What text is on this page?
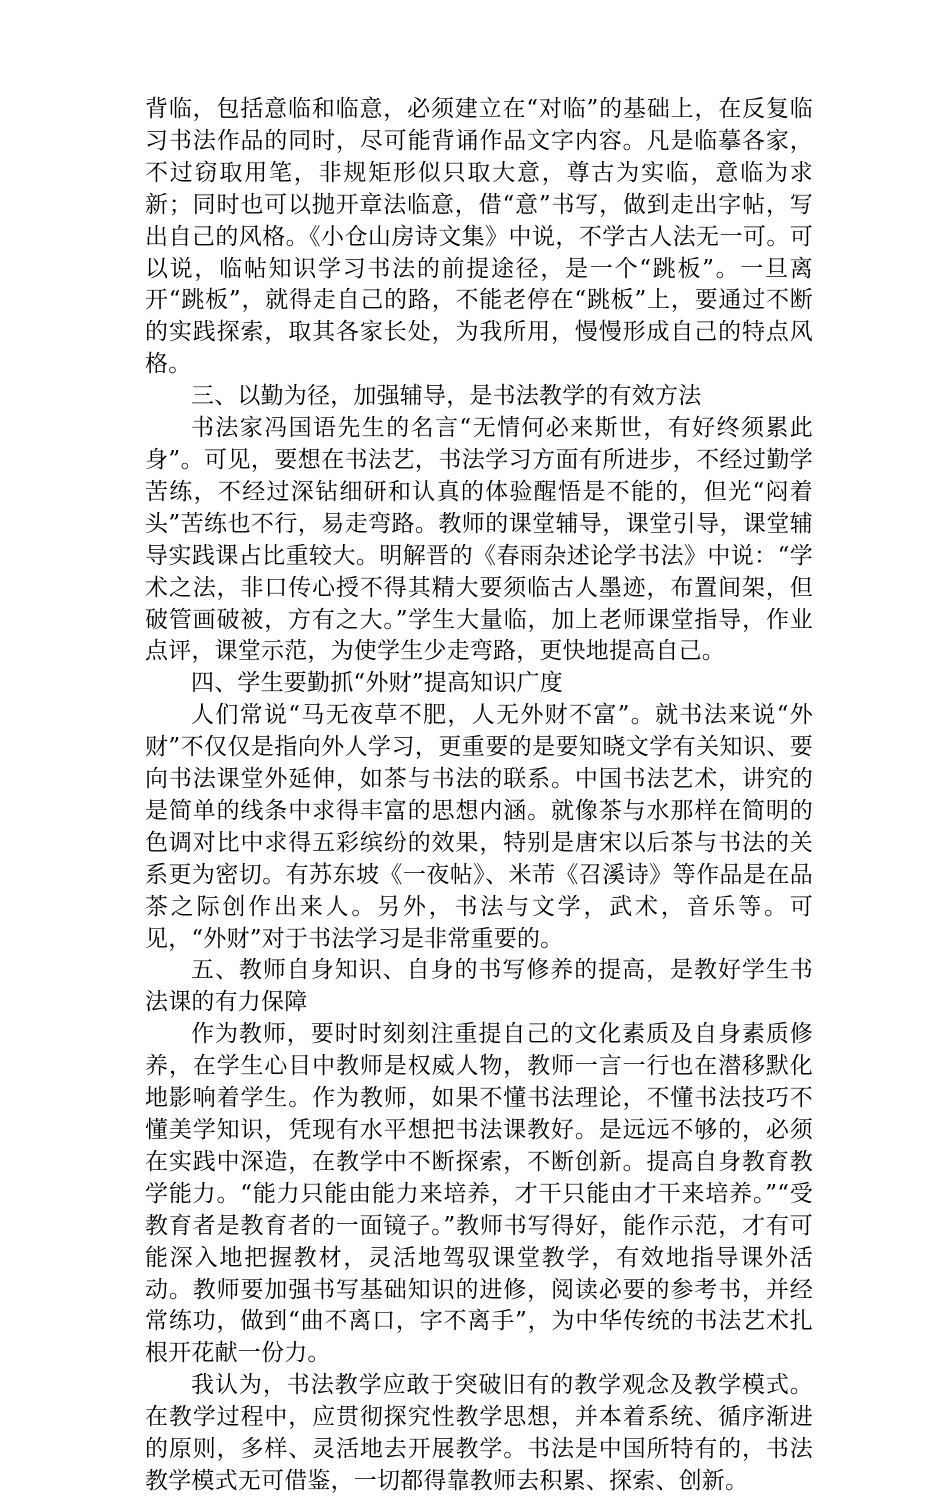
背临，包括意临和临意，必须建立在“对临”的基础上，在反复临习书法作品的同时，尽可能背诵作品文字内容。凡是临摹各家，不过窃取用笔，非规矩形似只取大意，尊古为实临，意临为求新；同时也可以抛开章法临意，借“意”书写，做到走出字帖，写出自己的风格。《小仓山房诗文集》中说，不学古人法无一可。可以说，临帖知识学习书法的前提途径，是一个“跳板”。一旦离开“跳板”，就得走自己的路，不能老停在“跳板”上，要通过不断的实践探索，取其各家长处，为我所用，慢慢形成自己的特点风格。

三、以勤为径，加强辅导，是书法教学的有效方法

书法家冯国语先生的名言“无情何必来斯世，有好终须累此身”。可见，要想在书法艺，书法学习方面有所进步，不经过勤学苦练，不经过深钻细研和认真的体验醒悟是不能的，但光“闷着头”苦练也不行，易走弯路。教师的课堂辅导，课堂引导，课堂辅导实践课占比重较大。明解晋的《春雨杂述论学书法》中说：“学术之法，非口传心授不得其精大要须临古人墨迹，布置间架，但破管画破被，方有之大。”学生大量临，加上老师课堂指导，作业点评，课堂示范，为使学生少走弯路，更快地提高自己。

四、学生要勤抓“外财”提高知识广度

人们常说“马无夜草不肥，人无外财不富”。就书法来说“外财”不仅仅是指向外人学习，更重要的是要知晓文学有关知识、要向书法课堂外延伸，如茶与书法的联系。中国书法艺术，讲究的是简单的线条中求得丰富的思想内涵。就像茶与水那样在简明的色调对比中求得五彩缤纷的效果，特别是唐宋以后茶与书法的关系更为密切。有苏东坡《一夜帖》、米芾《召溪诗》等作品是在品茶之际创作出来人。另外，书法与文学，武术，音乐等。可见，“外财”对于书法学习是非常重要的。

五、教师自身知识、自身的书写修养的提高，是教好学生书法课的有力保障

作为教师，要时时刻刻注重提自己的文化素质及自身素质修养，在学生心目中教师是权威人物，教师一言一行也在潜移默化地影响着学生。作为教师，如果不懂书法理论，不懂书法技巧不懂美学知识，凭现有水平想把书法课教好。是远远不够的，必须在实践中深造，在教学中不断探索，不断创新。提高自身教育教学能力。“能力只能由能力来培养，才干只能由才干来培养。”“受教育者是教育者的一面镜子。”教师书写得好，能作示范，才有可能深入地把握教材，灵活地驾驭课堂教学，有效地指导课外活动。教师要加强书写基础知识的进修，阅读必要的参考书，并经常练功，做到“曲不离口，字不离手”，为中华传统的书法艺术扎根开花献一份力。

我认为，书法教学应敢于突破旧有的教学观念及教学模式。在教学过程中，应贯彻探究性教学思想，并本着系统、循序渐进的原则，多样、灵活地去开展教学。书法是中国所特有的，书法教学模式无可借鉴，一切都得靠教师去积累、探索、创新。
